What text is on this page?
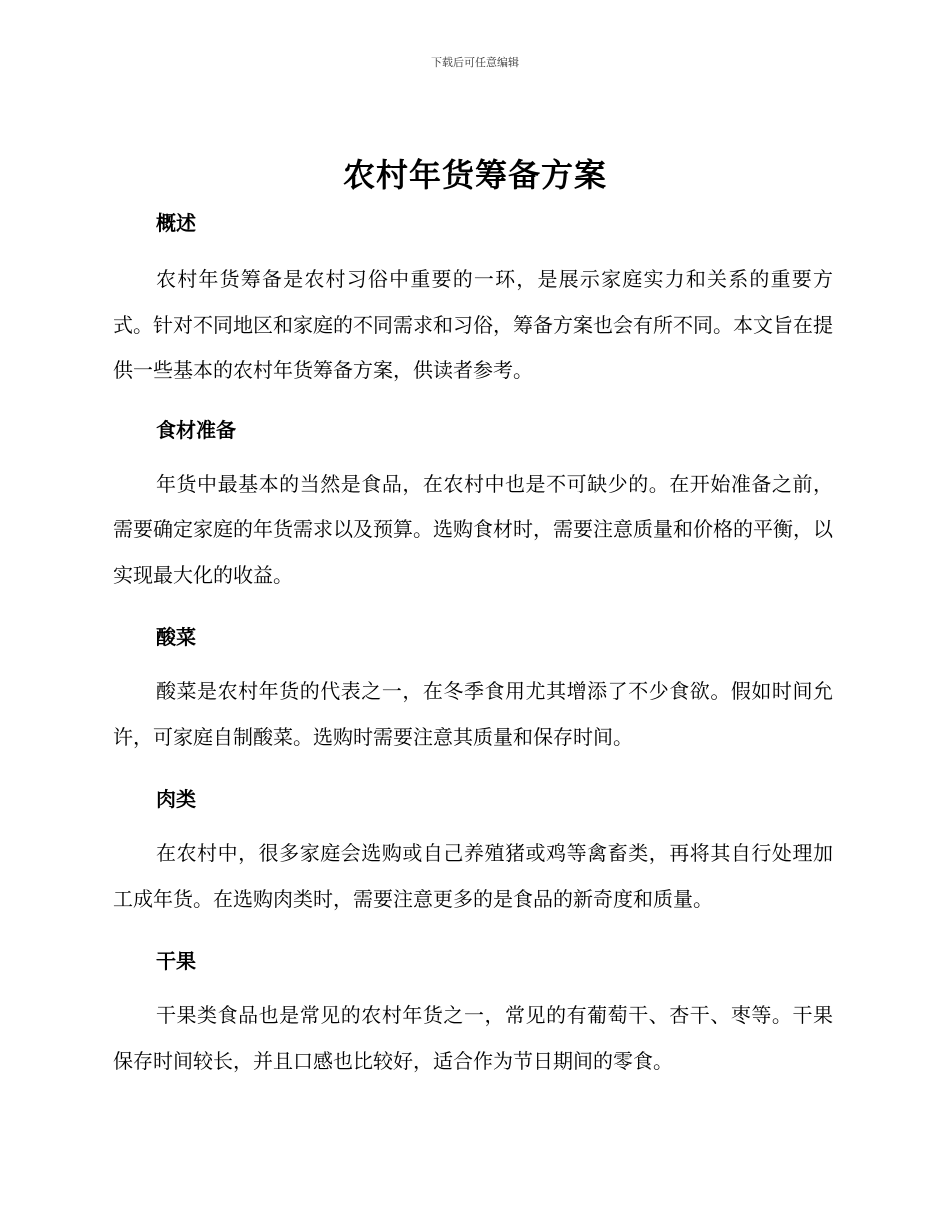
下载后可任意编辑
农村年货筹备方案
概述

农村年货筹备是农村习俗中重要的一环，是展示家庭实力和关系的重要方式。针对不同地区和家庭的不同需求和习俗，筹备方案也会有所不同。本文旨在提供一些基本的农村年货筹备方案，供读者参考。

食材准备

年货中最基本的当然是食品，在农村中也是不可缺少的。在开始准备之前，需要确定家庭的年货需求以及预算。选购食材时，需要注意质量和价格的平衡，以实现最大化的收益。

酸菜

酸菜是农村年货的代表之一，在冬季食用尤其增添了不少食欲。假如时间允许，可家庭自制酸菜。选购时需要注意其质量和保存时间。

肉类

在农村中，很多家庭会选购或自己养殖猪或鸡等禽畜类，再将其自行处理加工成年货。在选购肉类时，需要注意更多的是食品的新奇度和质量。

干果

干果类食品也是常见的农村年货之一，常见的有葡萄干、杏干、枣等。干果保存时间较长，并且口感也比较好，适合作为节日期间的零食。
